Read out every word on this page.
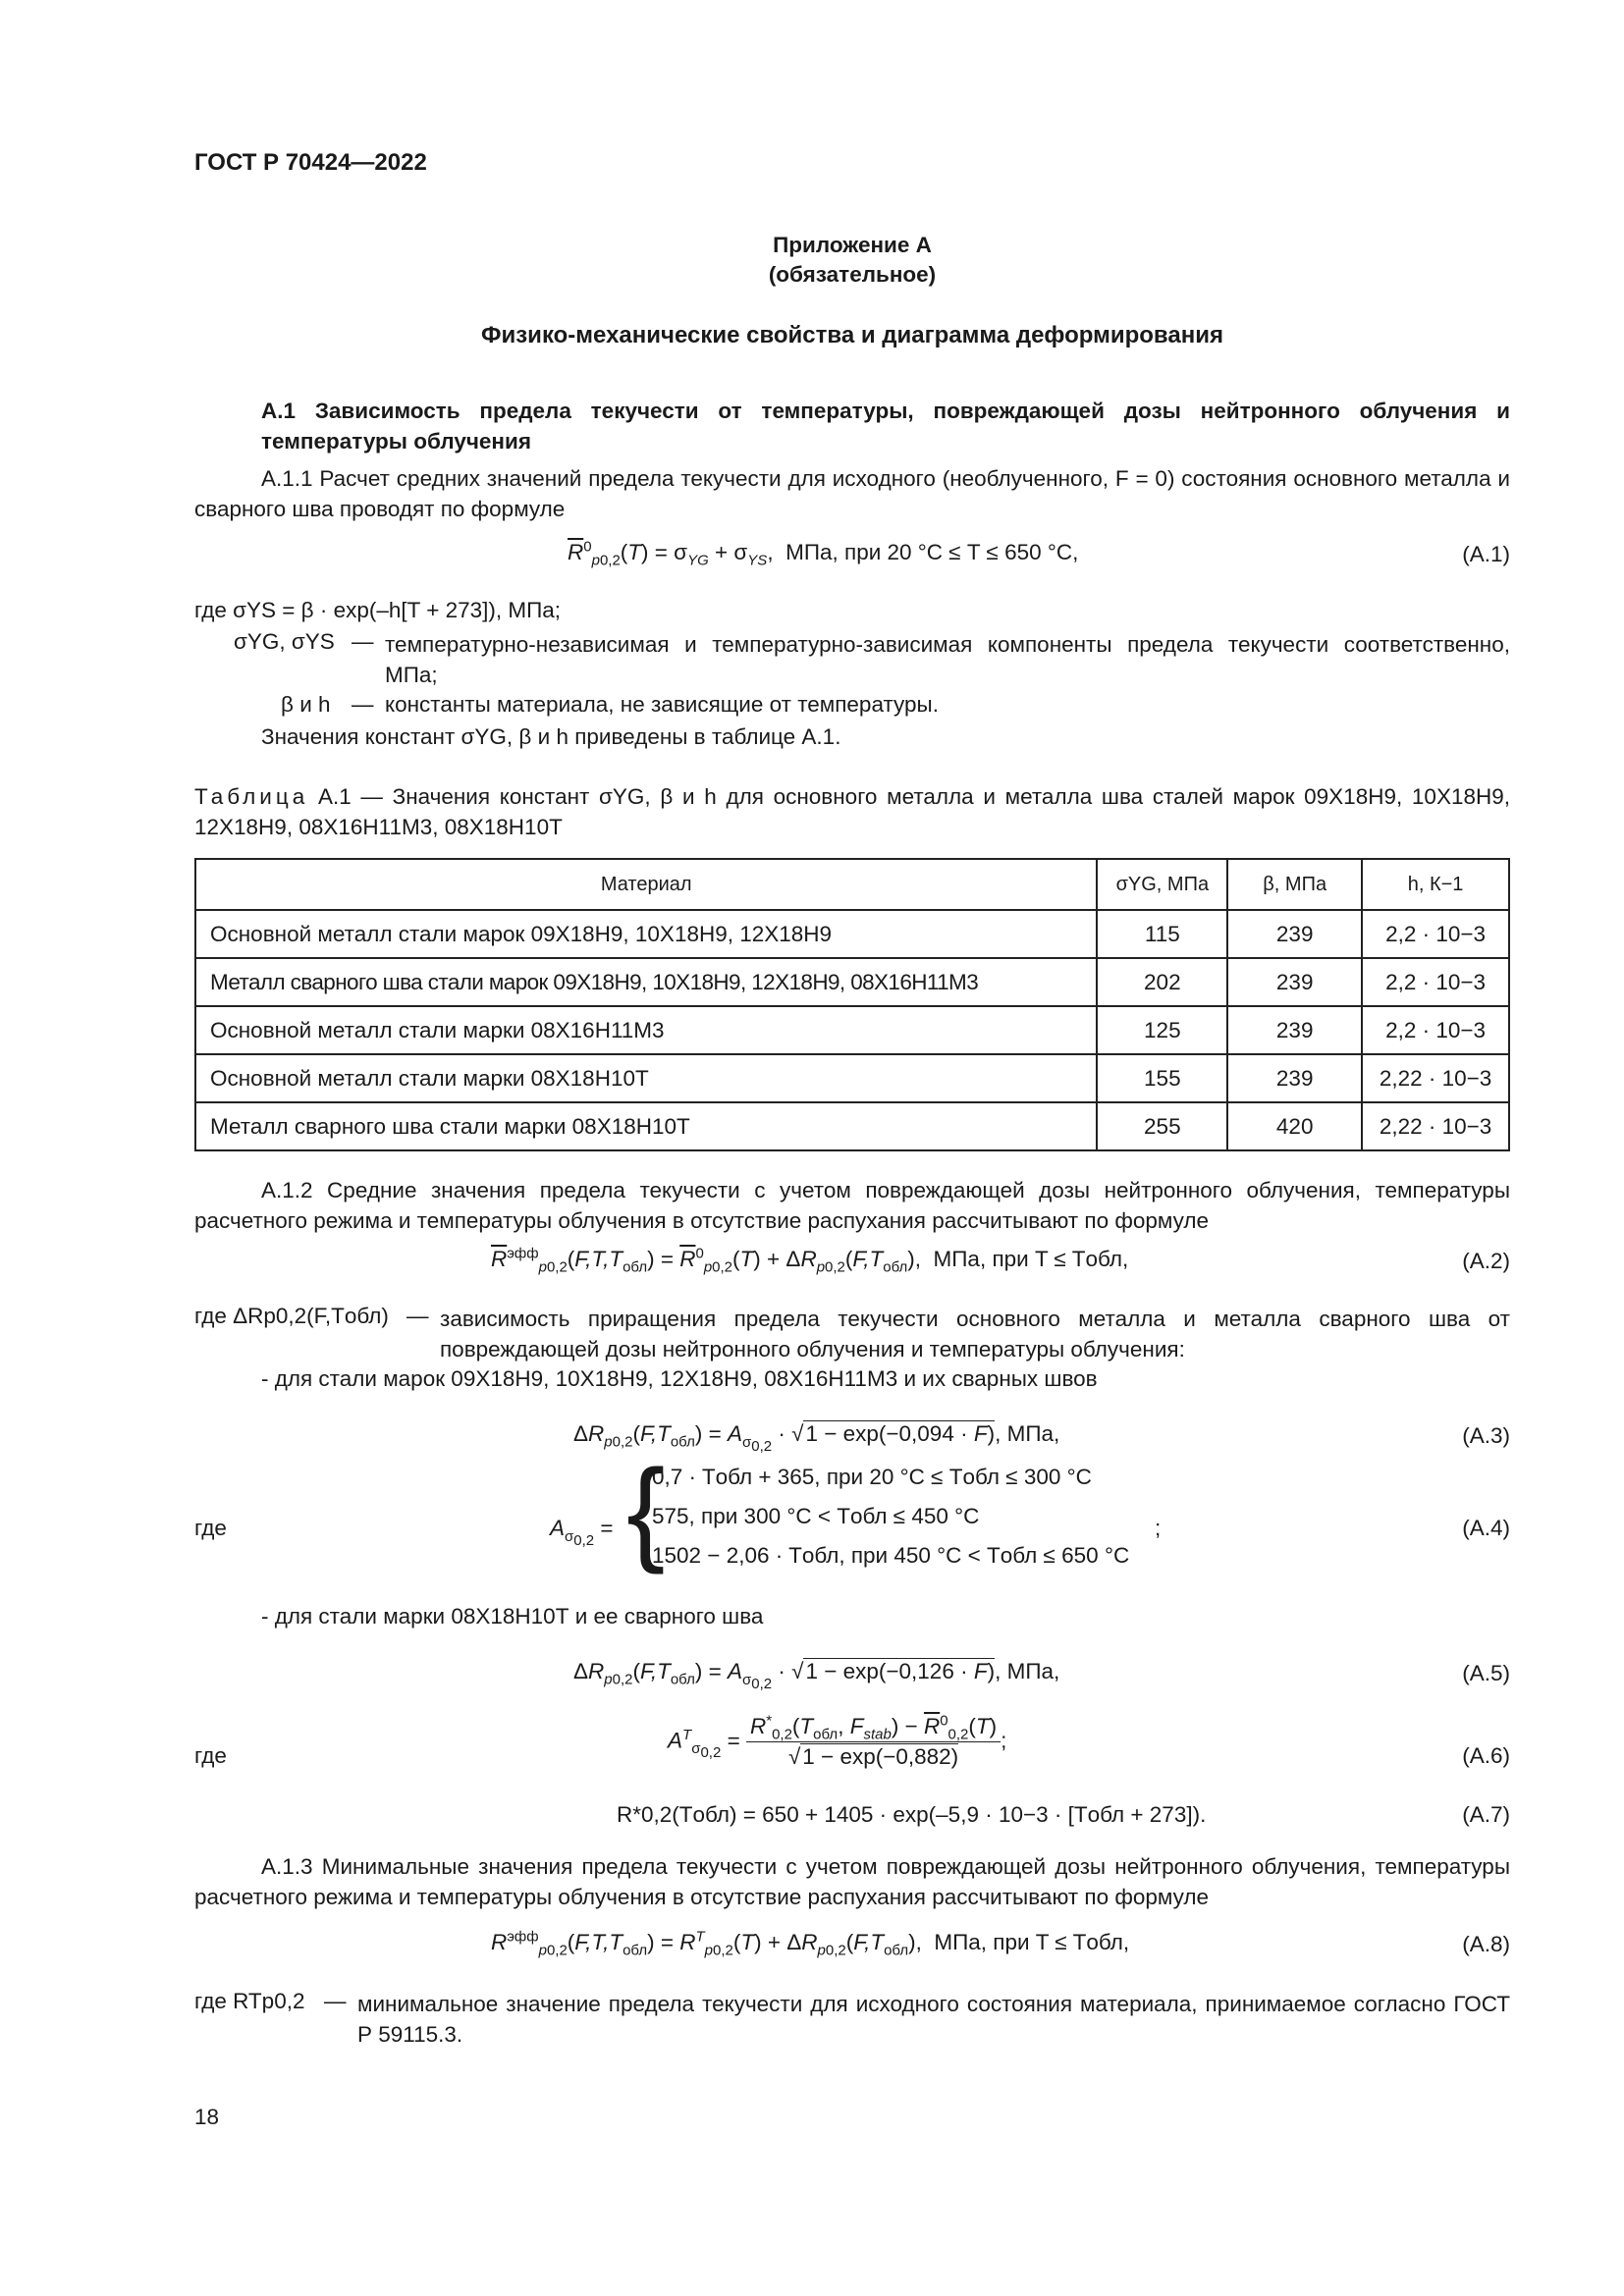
ГОСТ Р 70424—2022
Приложение А
(обязательное)
Физико-механические свойства и диаграмма деформирования
А.1 Зависимость предела текучести от температуры, повреждающей дозы нейтронного облучения и температуры облучения
А.1.1 Расчет средних значений предела текучести для исходного (необлученного, F = 0) состояния основного металла и сварного шва проводят по формуле
$\overline{R}^0_{p0,2}(T) = \sigma_{YG} + \sigma_{YS}$,  МПа, при 20 °С ≤ T ≤ 650 °С,	(А.1)
где σYS = β · exp(–h[T + 273]), МПа;
σYG, σYS — температурно-независимая и температурно-зависимая компоненты предела текучести соответственно, МПа;
β и h — константы материала, не зависящие от температуры.
Значения констант σYG, β и h приведены в таблице А.1.
Таблица А.1 — Значения констант σYG, β и h для основного металла и металла шва сталей марок 09Х18Н9, 10Х18Н9, 12Х18Н9, 08Х16Н11М3, 08Х18Н10Т
Материал	σYG, МПа	β, МПа	h, К−1
Основной металл стали марок 09Х18Н9, 10Х18Н9, 12Х18Н9	115	239	2,2 · 10−3
Металл сварного шва стали марок 09Х18Н9, 10Х18Н9, 12Х18Н9, 08Х16Н11М3	202	239	2,2 · 10−3
Основной металл стали марки 08Х16Н11М3	125	239	2,2 · 10−3
Основной металл стали марки 08Х18Н10Т	155	239	2,22 · 10−3
Металл сварного шва стали марки 08Х18Н10Т	255	420	2,22 · 10−3
А.1.2 Средние значения предела текучести с учетом повреждающей дозы нейтронного облучения, температуры расчетного режима и температуры облучения в отсутствие распухания рассчитывают по формуле
$\overline{R}^{эфф}_{p0,2}(F,T,T_{обл}) = \overline{R}^0_{p0,2}(T) + \Delta R_{p0,2}(F,T_{обл})$,  МПа, при T ≤ Tобл,	(А.2)
где ΔRp0,2(F,Tобл) — зависимость приращения предела текучести основного металла и металла сварного шва от повреждающей дозы нейтронного облучения и температуры облучения:
- для стали марок 09Х18Н9, 10Х18Н9, 12Х18Н9, 08Х16Н11М3 и их сварных швов
$\Delta R_{p0,2}(F,T_{обл}) = A_{\sigma_{0,2}} \cdot √1 - \exp(-0,094 \cdot F)$, МПа,	(А.3)
где	$A_{\sigma_{0,2}}$ = {
0,7 · Tобл + 365, при 20 °С ≤ Tобл ≤ 300 °С
575, при 300 °С < Tобл ≤ 450 °С
1502 − 2,06 · Tобл, при 450 °С < Tобл ≤ 650 °С
;	(А.4)
- для стали марки 08Х18Н10Т и ее сварного шва
$\Delta R_{p0,2}(F,T_{обл}) = A_{\sigma_{0,2}} \cdot √1 - \exp(-0,126 \cdot F)$, МПа,	(А.5)
где
$A^T_{\sigma_{0,2}} = \frac{R^*_{0,2}(T_{обл}, F_{stab}) - \overline{R}^0_{0,2}(T)}{√1 - \exp(-0,882)}$ ;
(А.6)
R*0,2(Tобл) = 650 + 1405 · exp(–5,9 · 10−3 · [Tобл + 273]).	(А.7)
А.1.3 Минимальные значения предела текучести с учетом повреждающей дозы нейтронного облучения, температуры расчетного режима и температуры облучения в отсутствие распухания рассчитывают по формуле
$R^{эфф}_{p0,2}(F,T,T_{обл}) = R^T_{p0,2}(T) + \Delta R_{p0,2}(F,T_{обл})$,  МПа, при T ≤ Tобл,	(А.8)
где RTp0,2 — минимальное значение предела текучести для исходного состояния материала, принимаемое согласно ГОСТ Р 59115.3.
18
